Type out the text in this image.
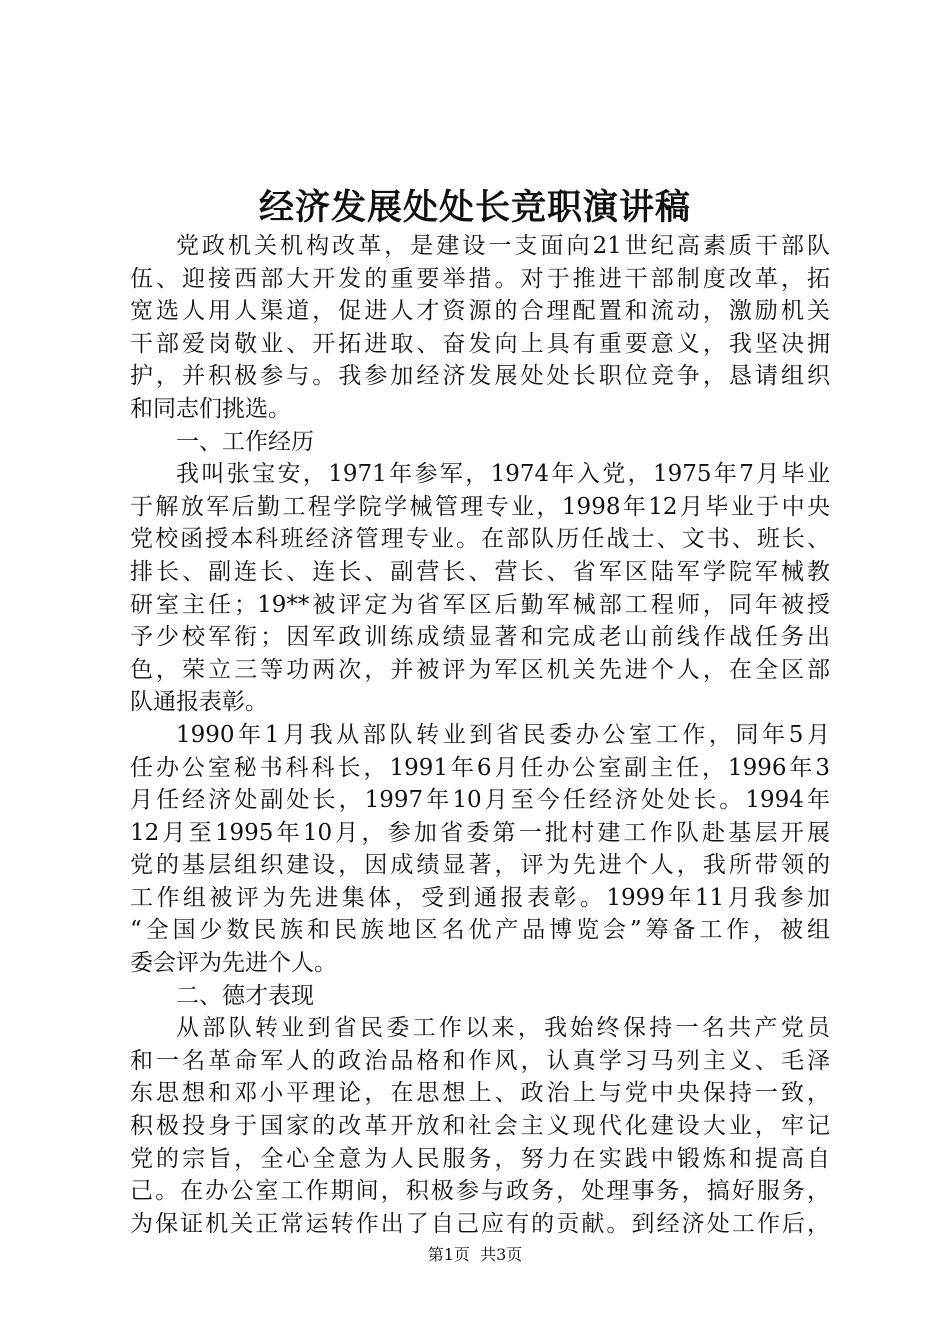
经济发展处处长竞职演讲稿
党政机关机构改革，是建设一支面向21世纪高素质干部队
伍、迎接西部大开发的重要举措。对于推进干部制度改革，拓
宽选人用人渠道，促进人才资源的合理配置和流动，激励机关
干部爱岗敬业、开拓进取、奋发向上具有重要意义，我坚决拥
护，并积极参与。我参加经济发展处处长职位竞争，恳请组织
和同志们挑选。
一、工作经历
我叫张宝安，1971年参军，1974年入党，1975年7月毕业
于解放军后勤工程学院学械管理专业，1998年12月毕业于中央
党校函授本科班经济管理专业。在部队历任战士、文书、班长、
排长、副连长、连长、副营长、营长、省军区陆军学院军械教
研室主任；19**被评定为省军区后勤军械部工程师，同年被授
予少校军衔；因军政训练成绩显著和完成老山前线作战任务出
色，荣立三等功两次，并被评为军区机关先进个人，在全区部
队通报表彰。
1990年1月我从部队转业到省民委办公室工作，同年5月
任办公室秘书科科长，1991年6月任办公室副主任，1996年3
月任经济处副处长，1997年10月至今任经济处处长。1994年
12月至1995年10月，参加省委第一批村建工作队赴基层开展
党的基层组织建设，因成绩显著，评为先进个人，我所带领的
工作组被评为先进集体，受到通报表彰。1999年11月我参加
“全国少数民族和民族地区名优产品博览会”筹备工作，被组
委会评为先进个人。
二、德才表现
从部队转业到省民委工作以来，我始终保持一名共产党员
和一名革命军人的政治品格和作风，认真学习马列主义、毛泽
东思想和邓小平理论，在思想上、政治上与党中央保持一致，
积极投身于国家的改革开放和社会主义现代化建设大业，牢记
党的宗旨，全心全意为人民服务，努力在实践中锻炼和提高自
己。在办公室工作期间，积极参与政务，处理事务，搞好服务，
为保证机关正常运转作出了自己应有的贡献。到经济处工作后，
第1页  共3页
